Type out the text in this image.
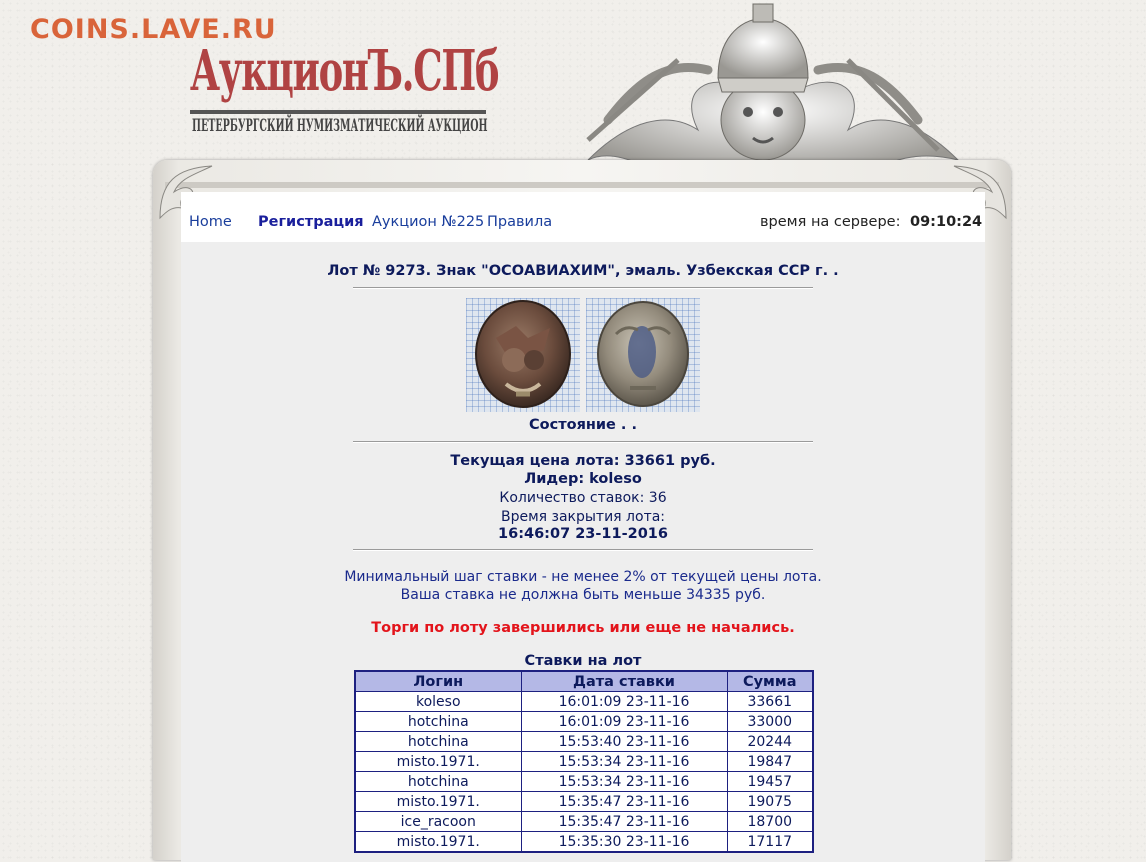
COINS.LAVE.RU
АукционЪ.СПб
ПЕТЕРБУРГСКИЙ НУМИЗМАТИЧЕСКИЙ АУКЦИОН
Home Регистрация Аукцион №225 Правила	время на сервере: 09:10:24
Лот № 9273. Знак "ОСОАВИАХИМ", эмаль. Узбекская ССР г. .
Состояние . .
Текущая цена лота: 33661 руб.
Лидер: koleso
Количество ставок: 36
Время закрытия лота:
16:46:07 23-11-2016
Минимальный шаг ставки - не менее 2% от текущей цены лота.
Ваша ставка не должна быть меньше 34335 руб.
Торги по лоту завершились или еще не начались.
Ставки на лот
Логин	Дата ставки	Сумма
koleso	16:01:09 23-11-16	33661
hotchina	16:01:09 23-11-16	33000
hotchina	15:53:40 23-11-16	20244
misto.1971.	15:53:34 23-11-16	19847
hotchina	15:53:34 23-11-16	19457
misto.1971.	15:35:47 23-11-16	19075
ice_racoon	15:35:47 23-11-16	18700
misto.1971.	15:35:30 23-11-16	17117
